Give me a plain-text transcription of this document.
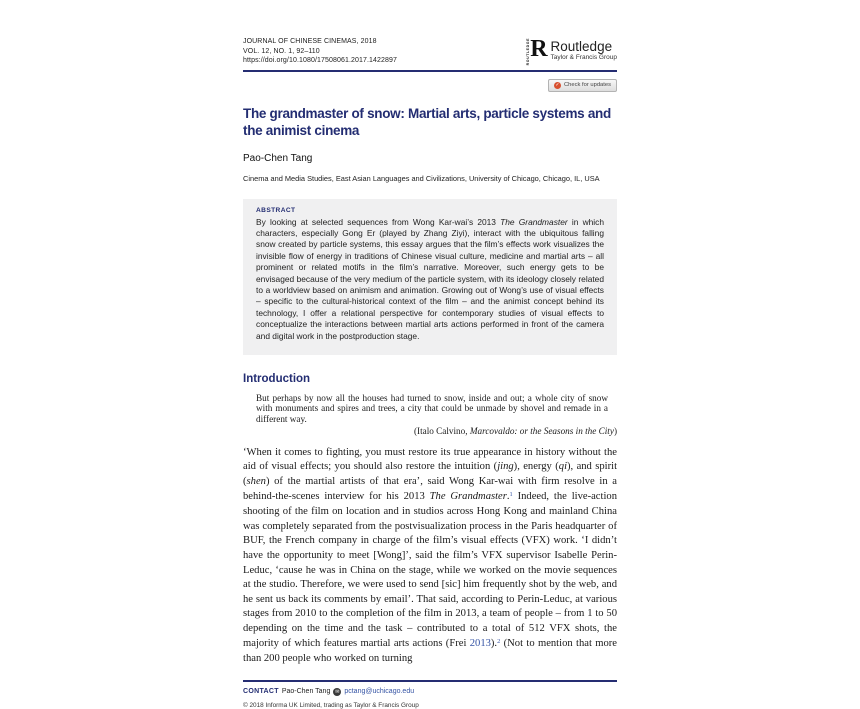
JOURNAL OF CHINESE CINEMAS, 2018
VOL. 12, NO. 1, 92–110
https://doi.org/10.1080/17508061.2017.1422897	ROUTLEDGE R Routledge
Taylor & Francis Group
✓ Check for updates
The grandmaster of snow: Martial arts, particle systems and the animist cinema
Pao-Chen Tang
Cinema and Media Studies, East Asian Languages and Civilizations, University of Chicago, Chicago, IL, USA
ABSTRACT
By looking at selected sequences from Wong Kar-wai’s 2013 The Grandmaster in which characters, especially Gong Er (played by Zhang Ziyi), interact with the ubiquitous falling snow created by particle systems, this essay argues that the film’s effects work visualizes the invisible flow of energy in traditions of Chinese visual culture, medicine and martial arts – all prominent or related motifs in the film’s narrative. Moreover, such energy gets to be envisaged because of the very medium of the particle system, with its ideology closely related to a worldview based on animism and animation. Growing out of Wong’s use of visual effects – specific to the cultural-historical context of the film – and the animist concept behind its technology, I offer a relational perspective for contemporary studies of visual effects to conceptualize the interactions between martial arts actions performed in front of the camera and digital work in the postproduction stage.
Introduction
But perhaps by now all the houses had turned to snow, inside and out; a whole city of snow with monuments and spires and trees, a city that could be unmade by shovel and remade in a different way.
(Italo Calvino, Marcovaldo: or the Seasons in the City)
‘When it comes to fighting, you must restore its true appearance in history without the aid of visual effects; you should also restore the intuition (jing), energy (qi), and spirit (shen) of the martial artists of that era’, said Wong Kar-wai with firm resolve in a behind-the-scenes interview for his 2013 The Grandmaster.$^1$ Indeed, the live-action shooting of the film on location and in studios across Hong Kong and mainland China was completely separated from the postvisualization process in the Paris headquarter of BUF, the French company in charge of the film’s visual effects (VFX) work. ‘I didn’t have the opportunity to meet [Wong]’, said the film’s VFX supervisor Isabelle Perin-Leduc, ‘cause he was in China on the stage, while we worked on the movie sequences at the studio. Therefore, we were used to send [sic] him frequently shot by the web, and he sent us back its comments by email’. That said, according to Perin-Leduc, at various stages from 2010 to the completion of the film in 2013, a team of people – from 1 to 50 depending on the time and the task – contributed to a total of 512 VFX shots, the majority of which features martial arts actions (Frei 2013).$^2$ (Not to mention that more than 200 people who worked on turning
CONTACT Pao-Chen Tang ✉ pctang@uchicago.edu
© 2018 Informa UK Limited, trading as Taylor & Francis Group
